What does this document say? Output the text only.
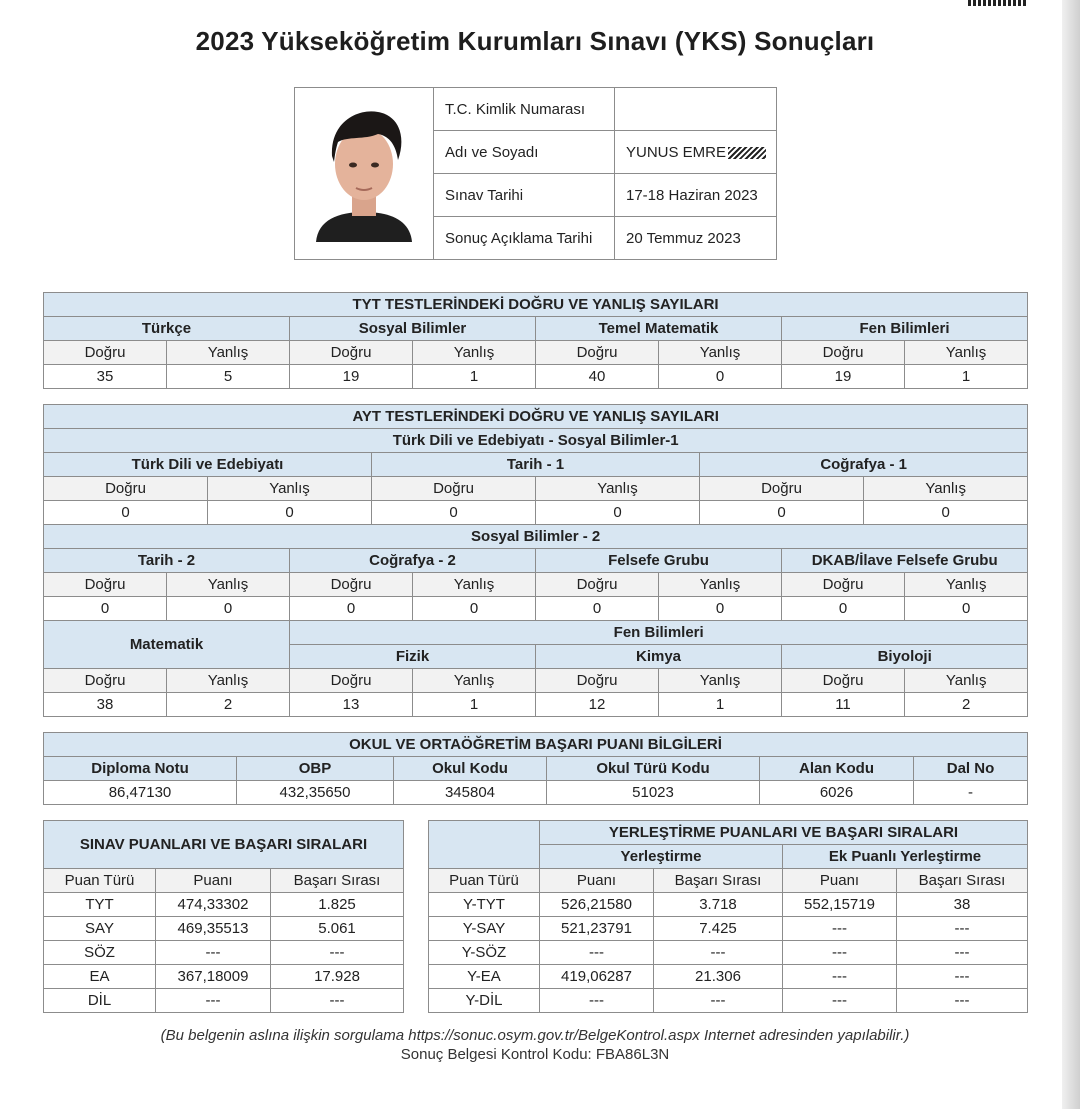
2023 Yükseköğretim Kurumları Sınavı (YKS) Sonuçları
	T.C. Kimlik Numarası	
	Adı ve Soyadı	YUNUS EMRE
	Sınav Tarihi	17-18 Haziran 2023
	Sonuç Açıklama Tarihi	20 Temmuz 2023
TYT TESTLERİNDEKİ DOĞRU VE YANLIŞ SAYILARI							
Türkçe		Sosyal Bilimler		Temel Matematik		Fen Bilimleri	
Doğru	Yanlış	Doğru	Yanlış	Doğru	Yanlış	Doğru	Yanlış
35	5	19	1	40	0	19	1
AYT TESTLERİNDEKİ DOĞRU VE YANLIŞ SAYILARI											
Türk Dili ve Edebiyatı - Sosyal Bilimler-1											
Türk Dili ve Edebiyatı				Tarih - 1				Coğrafya - 1			
Doğru		Yanlış		Doğru		Yanlış		Doğru		Yanlış	
0		0		0		0		0		0	
Sosyal Bilimler - 2											
Tarih - 2			Coğrafya - 2			Felsefe Grubu			DKAB/İlave Felsefe Grubu		
Doğru	Yanlış		Doğru		Yanlış	Doğru	Yanlış		Doğru		Yanlış
0	0		0		0	0	0		0		0
Matematik			Fen Bilimleri								
			Fizik			Kimya			Biyoloji		
Doğru	Yanlış		Doğru		Yanlış	Doğru	Yanlış		Doğru		Yanlış
38	2		13		1	12	1		11		2
OKUL VE ORTAÖĞRETİM BAŞARI PUANI BİLGİLERİ					
Diploma Notu	OBP	Okul Kodu	Okul Türü Kodu	Alan Kodu	Dal No
86,47130	432,35650	345804	51023	6026	-
SINAV PUANLARI VE BAŞARI SIRALARI		
Puan Türü	Puanı	Başarı Sırası
TYT	474,33302	1.825
SAY	469,35513	5.061
SÖZ	---	---
EA	367,18009	17.928
DİL	---	---
	YERLEŞTİRME PUANLARI VE BAŞARI SIRALARI			
	Yerleştirme		Ek Puanlı Yerleştirme	
Puan Türü	Puanı	Başarı Sırası	Puanı	Başarı Sırası
Y-TYT	526,21580	3.718	552,15719	38
Y-SAY	521,23791	7.425	---	---
Y-SÖZ	---	---	---	---
Y-EA	419,06287	21.306	---	---
Y-DİL	---	---	---	---
(Bu belgenin aslına ilişkin sorgulama https://sonuc.osym.gov.tr/BelgeKontrol.aspx Internet adresinden yapılabilir.)
Sonuç Belgesi Kontrol Kodu: FBA86L3N
